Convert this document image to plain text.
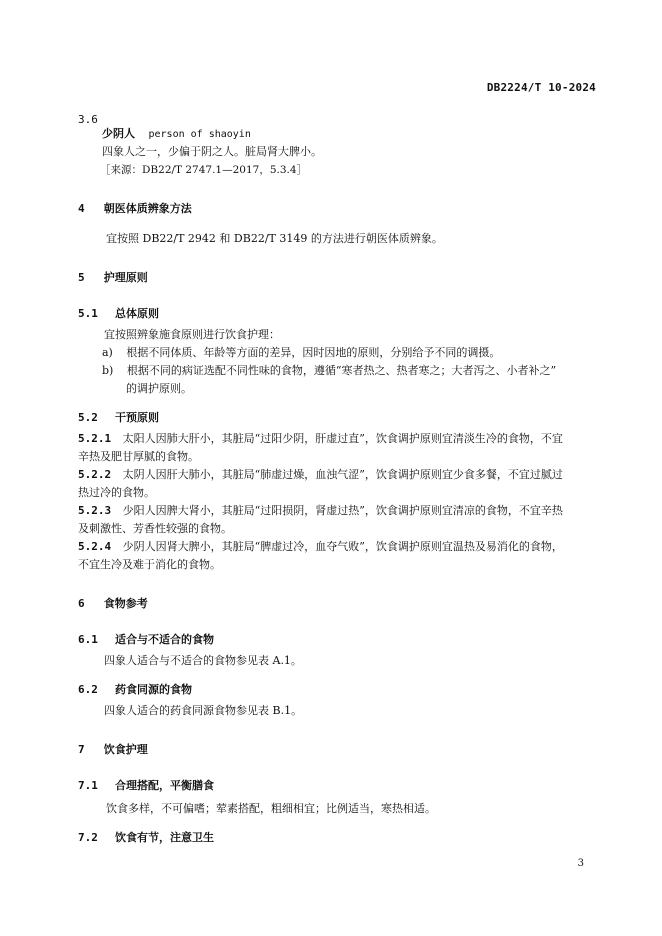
DB2224/T 10-2024
3.6
少阴人 person of shaoyin
四象人之一，少偏于阴之人。脏局肾大脾小。
［来源：DB22/T 2747.1—2017，5.3.4］
4 朝医体质辨象方法
宜按照 DB22/T 2942 和 DB22/T 3149 的方法进行朝医体质辨象。
5 护理原则
5.1 总体原则
宜按照辨象施食原则进行饮食护理：
a) 根据不同体质、年龄等方面的差异，因时因地的原则，分别给予不同的调摄。
b) 根据不同的病证选配不同性味的食物，遵循“寒者热之、热者寒之；大者泻之、小者补之”
的调护原则。
5.2 干预原则
5.2.1 太阳人因肺大肝小，其脏局“过阳少阴，肝虚过直”，饮食调护原则宜清淡生冷的食物，不宜
辛热及肥甘厚腻的食物。
5.2.2 太阴人因肝大肺小，其脏局“肺虚过燥，血浊气涩”，饮食调护原则宜少食多餐，不宜过腻过
热过冷的食物。
5.2.3 少阳人因脾大肾小，其脏局“过阳损阴，肾虚过热”，饮食调护原则宜清凉的食物，不宜辛热
及刺激性、芳香性较强的食物。
5.2.4 少阴人因肾大脾小，其脏局“脾虚过冷，血夺气败”，饮食调护原则宜温热及易消化的食物，
不宜生冷及难于消化的食物。
6 食物参考
6.1 适合与不适合的食物
四象人适合与不适合的食物参见表 A.1。
6.2 药食同源的食物
四象人适合的药食同源食物参见表 B.1。
7 饮食护理
7.1 合理搭配，平衡膳食
饮食多样，不可偏嗜；荤素搭配，粗细相宜；比例适当，寒热相适。
7.2 饮食有节，注意卫生
3
